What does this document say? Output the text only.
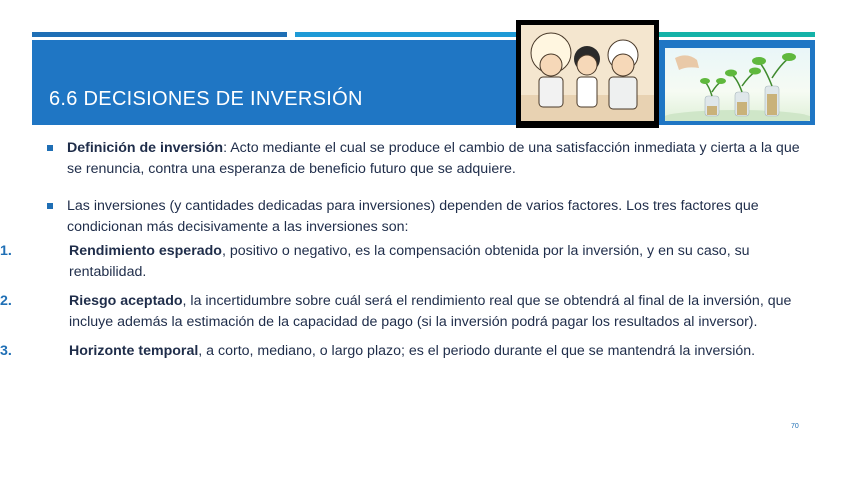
6.6 DECISIONES DE INVERSIÓN
Definición de inversión: Acto mediante el cual se produce el cambio de una satisfacción inmediata y cierta a la que se renuncia, contra una esperanza de beneficio futuro que se adquiere.
Las inversiones (y cantidades dedicadas para inversiones) dependen de varios factores. Los tres factores que condicionan más decisivamente a las inversiones son:
1.	Rendimiento esperado, positivo o negativo, es la compensación obtenida por la inversión, y en su caso, su rentabilidad.
2.	Riesgo aceptado, la incertidumbre sobre cuál será el rendimiento real que se obtendrá al final de la inversión, que incluye además la estimación de la capacidad de pago (si la inversión podrá pagar los resultados al inversor).
3.	Horizonte temporal, a corto, mediano, o largo plazo; es el periodo durante el que se mantendrá la inversión.
70
